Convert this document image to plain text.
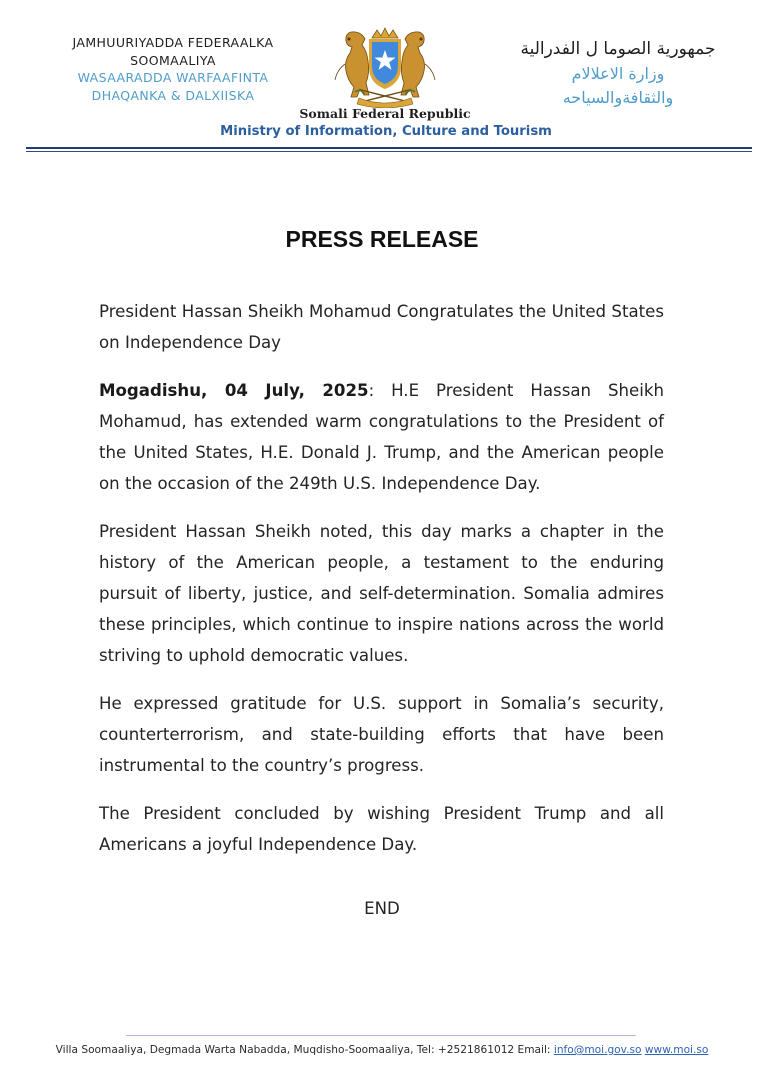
JAMHUURIYADDA FEDERAALKA
SOOMAALIYA
WASAARADDA WARFAAFINTA
DHAQANKA & DALXIISKA
جمهورية الصوما ل الفدرالية
وزارة الاعلالام
والثقافةوالسياحه
Somali Federal Republic
Ministry of Information, Culture and Tourism
PRESS RELEASE

President Hassan Sheikh Mohamud Congratulates the United States on Independence Day

Mogadishu, 04 July, 2025: H.E President Hassan Sheikh Mohamud, has extended warm congratulations to the President of the United States, H.E. Donald J. Trump, and the American people on the occasion of the 249th U.S. Independence Day.

President Hassan Sheikh noted, this day marks a chapter in the history of the American people, a testament to the enduring pursuit of liberty, justice, and self-determination. Somalia admires these principles, which continue to inspire nations across the world striving to uphold democratic values.

He expressed gratitude for U.S. support in Somalia’s security, counterterrorism, and state-building efforts that have been instrumental to the country’s progress.

The President concluded by wishing President Trump and all Americans a joyful Independence Day.

END
Villa Soomaaliya, Degmada Warta Nabadda, Muqdisho-Soomaaliya, Tel: +2521861012 Email: info@moi.gov.so www.moi.so
